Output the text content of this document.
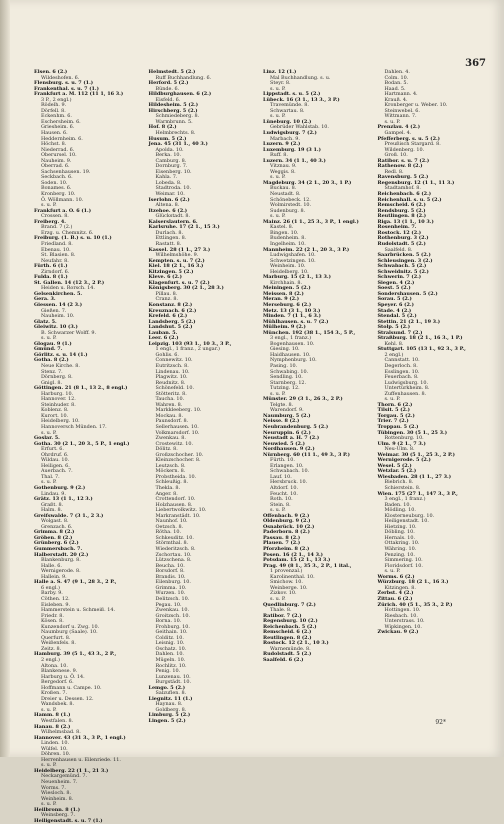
367
Elsen. 6 (2.)
Wildeshofen. 6.
Flensburg. s. u. 7 (1.)
Frankenthal. s. u. 7 (1.)
Frankfurt a. M. 112 (11 1, 16 3.)
3 P., 2 engl.)
Rödelh. 9.
Dörfell. 8.
Eckenhm. 6.
Eschersheim. 6.
Griesheim. 6.
Hausen. 6.
Heddernheim. 6.
Höchst. 8.
Niederrad. 6.
Oberursel. 10.
Nauheim. 9.
Oberrad. 6.
Sachsenhausen. 19.
Seckbach. 6.
Soden. 10.
Bonames. 6.
Kronberg. 10.
Ö. Wöllmann. 10.
s. u. P.
Frankfurt a. O. 6 (1.)
Crossen. 8.
Freiberg. 4.
Brand. 7 (2.)
Erzg. u. Chemnitz. 6.
Freiburg. (1. B.) s. u. 10 (1.)
Friedland. 8.
Ebenau. 10.
St. Blasien. 8.
Neufahr. 8.
Fürth. 6 (1.)
Zirndorf. 6.
Fulda. 8 (1.)
St. Gallen. 14 (12 3., 2 P.)
Heiden u. Rorsch. 14.
Gelsenkirchen. 5.
Gera. 3.
Giessen. 14 (2 3.)
Gießen. 7.
Nauheim. 10.
Glatz. 5.
Gleiwitz. 10 (3.)
B. Schwarzer Wolff. 9.
s. u. P.
Glogau. 9 (1.)
Gmünd. 7.
Görlitz. s. u. 14 (1.)
Gotha. 8 (2.)
Neue Kirche. 8.
Stenz. 7.
Dörnberg. 8.
Gnigl. 8.
Göttingen. 21 (8 1., 13 2., 8 engl.)
Harburg. 10.
Hannover. 12.
Steinhuder. 8.
Koblenz. 8.
Kurort. 10.
Heidelberg. 10.
Hannoversch Münden. 17.
s. u. P.
Goslar. 5.
Gotha. 30 (2 1., 20 3., 5 P., 1 engl.)
Erfurt. 6.
Ohrdruf. 6.
Wildau. 10.
Heiligen. 6.
Auerbach. 7.
Thal. 7.
s. u. P.
Gothenburg. 9 (2.)
Lindau. 9.
Grätz. 13 (1 1., 12 3.)
Graßt. 8.
Halm. 8.
Greifswalde. 7 (3 1., 2 3.)
Wolgast. 8.
Grenzach. 6.
Grimma. 8 (2.)
Gröben. 8 (2.)
Grünberg. 6 (2.)
Gummersbach. 7.
Halberstadt. 20 (2.)
Blankenburg. 8.
Halle. 6.
Wernigerode. 8.
Hallein. 9.
Halle a. S. 47 (9 1., 28 3., 2 P.,
6 engl.)
Barby. 9.
Cöthen. 12.
Eisleben. 9.
Hammerstein u. Schmeiß. 14.
Friedr. 8.
Kösen. 8.
Kunzendorf u. Zwg. 10.
Naumburg (Saale). 10.
Querfurt. 8.
Weißenfels. 8.
Zeitz. 8.
Hamburg. 39 (5 1., 43 3., 2 P.,
2 engl.)
Altona. 10.
Blankenese. 9.
Harburg u. Ö. 14.
Bergedorf. 6.
Hoffmann u. Campe. 10.
Kroßen. 7.
Dreier u. Dessen. 12.
Wandsbek. 8.
s. u. P.
Hamm. 8 (1.)
Westfalen. 8.
Hanau. 8 (2.)
Wilhelmsbad. 8.
Hannover. 43 (31 3., 3 P., 1 engl.)
Linden. 10.
Wülfel. 10.
Döhren. 10.
Herrenhausen u. Eilenriede. 11.
s. u. P.
Heidelberg. 22 (1 1., 21 3.)
Neckargemünd. 7.
Neuenheim. 7.
Worms. 7.
Wiesloch. 8.
Weinheim. 8.
s. u. P.
Heilbronn. 8 (1.)
Weinsberg. 7.
Heiligenstadt. s. u. 7 (1.)
Helmstedt. 5 (2.)
Ruff Buchhandlung. 6.
Herford. 5 (2.)
Bünde. 6.
Hildburghausen. 6 (2.)
Eisfeld. 6.
Hildesheim. 5 (2.)
Hirschberg. 5 (2.)
Schmiedeberg. 8.
Warmbrunn. 5.
Hof. 8 (2.)
Helmbrechts. 8.
Husum. 5 (2.)
Jena. 45 (31 1., 40 3.)
Apolda. 10.
Berka. 10.
Camburg. 8.
Dornburg. 7.
Eisenberg. 10.
Kahla. 7.
Lobeda. 8.
Stadtroda. 10.
Weimar. 10.
Iserlohn. 6 (2.)
Altena. 8.
Itzehoe. 6 (2.)
Glückstadt. 8.
Kaiserslautern. 6.
Karlsruhe. 17 (2 1., 15 3.)
Durlach. 8.
Ettlingen. 8.
Rastatt. 8.
Kassel. 28 (1 1., 27 3.)
Wilhelmshöhe. 9.
Kempten. s. u. 7 (2.)
Kiel. 18 (2 1., 16 3.)
Kitzingen. 5 (2.)
Kleve. 6 (2.)
Klagenfurt. s. u. 7 (2.)
Königsberg. 30 (2 1., 28 3.)
Pillau. 8.
Cranz. 8.
Konstanz. 8 (2.)
Kreuznach. 6 (2.)
Krefeld. 6 (2.)
Landsberg. 5 (2.)
Landshut. 5 (2.)
Lauban. 5.
Leer. 6 (2.)
Leipzig. 103 (93 1., 10 3., 3 P.,
1 engl., 1 franz., 2 ungar.)
Gohlis. 6.
Connewitz. 10.
Eutritzsch. 8.
Lindenau. 10.
Plagwitz. 10.
Reudnitz. 8.
Schönefeld. 10.
Stötteritz. 8.
Taucha. 10.
Wahren. 8.
Markkleeberg. 10.
Mockau. 8.
Paunsdorf. 8.
Sellerhausen. 10.
Volkmarsdorf. 10.
Zwenkau. 8.
Crostewitz. 10.
Dölitz. 8.
Großzschocher. 10.
Kleinzschocher. 8.
Leutzsch. 8.
Möckern. 8.
Probstheida. 10.
Schleußig. 8.
Thekla. 8.
Anger. 8.
Crottendorf. 10.
Holzhausen. 8.
Liebertwolkwitz. 10.
Markranstädt. 10.
Naunhof. 10.
Oetzsch. 8.
Rötha. 10.
Schkeuditz. 10.
Störmthal. 8.
Wiederitzsch. 8.
Zschortau. 10.
Lützschena. 8.
Beucha. 10.
Borsdorf. 8.
Brandis. 10.
Eilenburg. 10.
Grimma. 10.
Wurzen. 10.
Delitzsch. 10.
Pegau. 10.
Zwenkau. 10.
Groitzsch. 10.
Borna. 10.
Frohburg. 10.
Geithain. 10.
Colditz. 10.
Leisnig. 10.
Oschatz. 10.
Dahlen. 10.
Mügeln. 10.
Rochlitz. 10.
Penig. 10.
Lunzenau. 10.
Burgstädt. 10.
Lemgo. 5 (2.)
Salzuflen. 8.
Liegnitz. 11 (1.)
Haynau. 8.
Goldberg. 8.
Limburg. 5 (2.)
Lingen. 5 (2.)
Linz. 12 (1.)
Mal Buchhandlung. s. u.
Steyr. 8.
s. u. P.
Lippstadt. s. u. 5 (2.)
Lübeck. 16 (3 1., 13 3., 3 P.)
Travemünde. 8.
Schwartau. 8.
s. u. P.
Lüneburg. 10 (2.)
Gebrüder Wahlstab. 10.
Ludwigsburg. 7 (2.)
Marbach. 9.
Luzern. 9 (2.)
Luxemburg. 19 (3 1.)
Ruff. 8.
Luzern. 34 (1 1., 40 3.)
Vitznau. 9.
Weggis. 8.
s. u. P.
Magdeburg. 34 (2 1., 20 3., 1 P.)
Buckau. 8.
Neustadt. 8.
Schönebeck. 12.
Wolmirstedt. 10.
Sudenburg. 8.
s. u. P.
Mainz. 26 (1 1., 25 3., 3 P., 1 engl.)
Kastel. 8.
Bingen. 10.
Budenheim. 8.
Ingelheim. 10.
Mannheim. 22 (2 1., 20 3., 3 P.)
Ludwigshafen. 10.
Schwetzingen. 10.
Weinheim. 10.
Heidelberg. 10.
Marburg. 15 (2 1., 13 3.)
Kirchhain. 8.
Meiningen. 5 (2.)
Meissen. 8 (2.)
Meran. 9 (2.)
Merseburg. 6 (2.)
Metz. 13 (3 1., 10 3.)
Minden. 7 (1 1., 6 3.)
Mühlhausen. s. u. 7 (2.)
Mülheim. 9 (2.)
München. 192 (38 1., 154 3., 5 P.,
3 engl., 1 franz.)
Bogenhausen. 10.
Giesing. 10.
Haidhausen. 10.
Nymphenburg. 10.
Pasing. 10.
Schwabing. 10.
Sendling. 10.
Starnberg. 12.
Tutzing. 12.
s. u. P.
Münster. 29 (3 1., 26 3., 2 P.)
Telgte. 8.
Warendorf. 9.
Naumburg. 5 (2.)
Neisse. 8 (2.)
Neubrandenburg. 5 (2.)
Neuruppin. 6 (2.)
Neustadt a. H. 7 (2.)
Neuwied. 5 (2.)
Nordhausen. 9 (2.)
Nürnberg. 60 (11 1., 49 3., 3 P.)
Fürth. 10.
Erlangen. 10.
Schwabach. 10.
Lauf. 10.
Hersbruck. 10.
Altdorf. 10.
Feucht. 10.
Roth. 10.
Stein. 8.
s. u. P.
Offenbach. 9 (2.)
Oldenburg. 9 (2.)
Osnabrück. 10 (2.)
Paderborn. 8 (2.)
Passau. 8 (2.)
Plauen. 7 (2.)
Pforzheim. 8 (2.)
Posen. 16 (2 1., 14 3.)
Potsdam. 15 (2 1., 13 3.)
Prag. 49 (8 1., 35 3., 2 P., 1 ital.,
1 provenzal.)
Karolinenthal. 10.
Smichow. 10.
Weinberge. 10.
Zizkov. 10.
s. u. P.
Quedlinburg. 7 (2.)
Thale. 8.
Ratibor. 7 (2.)
Regensburg. 10 (2.)
Reichenbach. 5 (2.)
Remscheid. 6 (2.)
Reutlingen. 8 (2.)
Rostock. 12 (2 1., 10 3.)
Warnemünde. 8.
Rudolstadt. 5 (2.)
Saalfeld. 6 (2.)
Dahlen. 4.
Colm. 10.
Bodan. 5.
Haad. 5.
Hartmann. 4.
Krauß. 4.
Kronberger u. Weber. 10.
Steinwebel. 6.
Wittmann. 7.
s. u. P.
Prenzlau. 4 (2.)
Gampel. 4.
Pfefferberg. s. u. 5 (2.)
Preußisch Stargard. 8.
Wildenberg. 10.
Groß. 10.
Ratibor. s. u. 7 (2.)
Rathenow. 8 (2.)
Redl. 8.
Ravensburg. 5 (2.)
Regensburg. 12 (1 1., 11 3.)
Stadtamhof. 8.
Reichenbach. 6 (2.)
Reichenhall. s. u. 5 (2.)
Remscheid. 6 (2.)
Rendsburg. 5 (2.)
Reutlingen. 8 (2.)
Riga. 13 (1 1., 10 3.)
Rosenheim. 7.
Rostock. 12 (2.)
Rothenburg. 3 (2.)
Rudolstadt. 5 (2.)
Saalfeld. 8.
Saarbrücken. 5 (2.)
Schleusingen. 3 (2.)
Schwabach. 5 (2.)
Schweidnitz. 5 (2.)
Schwerin. 7 (2.)
Siegen. 4 (2.)
Soest. 5 (2.)
Sondershausen. 5 (2.)
Sorau. 5 (2.)
Speyer. 6 (2.)
Stade. 4 (2.)
Stendal. 5 (2.)
Stettin. 21 (2 1., 19 3.)
Stolp. 5 (2.)
Stralsund. 7 (2.)
Straßburg. 18 (2 1., 16 3., 1 P.)
Kehl. 8.
Stuttgart. 105 (13 1., 92 3., 3 P.,
2 engl.)
Cannstatt. 10.
Degerloch. 8.
Esslingen. 10.
Feuerbach. 8.
Ludwigsburg. 10.
Untertürkheim. 8.
Zuffenhausen. 8.
s. u. P.
Thorn. 6 (2.)
Tilsit. 5 (2.)
Torgau. 5 (2.)
Trier. 7 (2.)
Troppau. 5 (2.)
Tübingen. 30 (5 1., 25 3.)
Rottenburg. 10.
Ulm. 9 (2 1., 7 3.)
Neu-Ulm. 8.
Weimar. 30 (5 1., 25 3., 2 P.)
Wernigerode. 5 (2.)
Wesel. 5 (2.)
Wetzlar. 5 (2.)
Wiesbaden. 28 (1 1., 27 3.)
Biebrich. 8.
Schierstein. 8.
Wien. 175 (27 1., 147 3., 3 P.,
3 engl., 1 franz.)
Baden. 10.
Mödling. 10.
Klosterneuburg. 10.
Heiligenstadt. 10.
Hietzing. 10.
Döbling. 10.
Hernals. 10.
Ottakring. 10.
Währing. 10.
Penzing. 10.
Simmering. 10.
Floridsdorf. 10.
s. u. P.
Worms. 6 (2.)
Würzburg. 18 (2 1., 16 3.)
Kitzingen. 8.
Zerbst. 4 (2.)
Zittau. 6 (2.)
Zürich. 40 (5 1., 35 3., 2 P.)
Hottingen. 10.
Riesbach. 10.
Unterstrass. 10.
Wipkingen. 10.
Zwickau. 9 (2.)
92*
